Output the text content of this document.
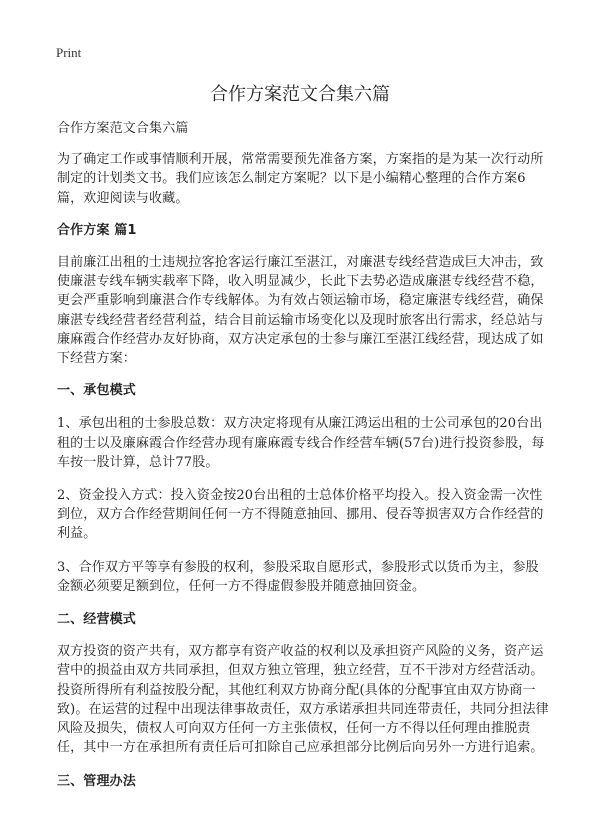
Print
合作方案范文合集六篇

合作方案范文合集六篇

为了确定工作或事情顺利开展，常常需要预先准备方案，方案指的是为某一次行动所制定的计划类文书。我们应该怎么制定方案呢？以下是小编精心整理的合作方案6篇，欢迎阅读与收藏。

合作方案 篇1

目前廉江出租的士违规拉客抢客运行廉江至湛江，对廉湛专线经营造成巨大冲击，致使廉湛专线车辆实载率下降，收入明显减少，长此下去势必造成廉湛专线经营不稳，更会严重影响到廉湛合作专线解体。为有效占领运输市场，稳定廉湛专线经营，确保廉湛专线经营者经营利益，结合目前运输市场变化以及现时旅客出行需求，经总站与廉麻霞合作经营办友好协商，双方决定承包的士参与廉江至湛江线经营，现达成了如下经营方案：

一、承包模式

1、承包出租的士参股总数：双方决定将现有从廉江鸿运出租的士公司承包的20台出租的士以及廉麻霞合作经营办现有廉麻霞专线合作经营车辆(57台)进行投资参股，每车按一股计算，总计77股。

2、资金投入方式：投入资金按20台出租的士总体价格平均投入。投入资金需一次性到位，双方合作经营期间任何一方不得随意抽回、挪用、侵吞等损害双方合作经营的利益。

3、合作双方平等享有参股的权利，参股采取自愿形式，参股形式以货币为主，参股金额必须要足额到位，任何一方不得虚假参股并随意抽回资金。

二、经营模式

双方投资的资产共有，双方都享有资产收益的权利以及承担资产风险的义务，资产运营中的损益由双方共同承担，但双方独立管理，独立经营，互不干涉对方经营活动。投资所得所有利益按股分配，其他红利双方协商分配(具体的分配事宜由双方协商一致)。在运营的过程中出现法律事故责任，双方承诺承担共同连带责任，共同分担法律风险及损失，债权人可向双方任何一方主张债权，任何一方不得以任何理由推脱责任，其中一方在承担所有责任后可扣除自己应承担部分比例后向另外一方进行追索。

三、管理办法
